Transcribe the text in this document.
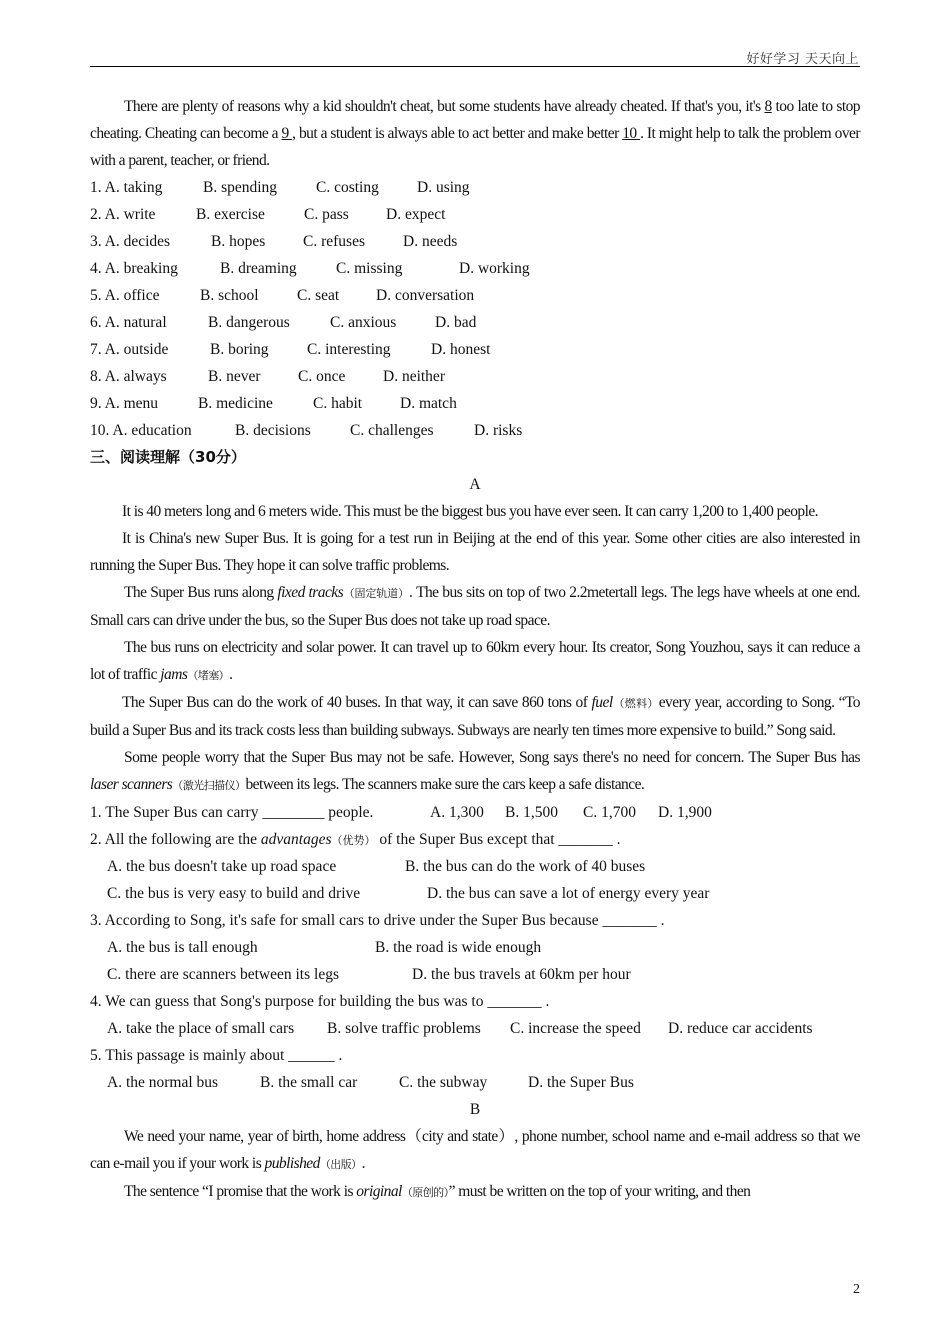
好好学习 天天向上
There are plenty of reasons why a kid shouldn't cheat, but some students have already cheated. If that's you, it's 8 too late to stop cheating. Cheating can become a 9 , but a student is always able to act better and make better 10 . It might help to talk the problem over with a parent, teacher, or friend.
1. A. taking	B. spending	C. costing D. using
2. A. write	B. exercise	C. pass D. expect
3. A. decides	B. hopes C. refuses D. needs
4. A. breaking	B. dreaming	C. missing	D. working
5. A. office	B. school C. seat D. conversation
6. A. natural	B. dangerous	C. anxious D. bad
7. A. outside	B. boring C. interesting	D. honest
8. A. always	B. never C. once D. neither
9. A. menu	B. medicine	C. habit D. match
10. A. education	B. decisions	C. challenges	D. risks
三、阅读理解（30分）
A
It is 40 meters long and 6 meters wide. This must be the biggest bus you have ever seen. It can carry 1,200 to 1,400 people.
It is China's new Super Bus. It is going for a test run in Beijing at the end of this year. Some other cities are also interested in running the Super Bus. They hope it can solve traffic problems.
The Super Bus runs along fixed tracks（固定轨道）. The bus sits on top of two 2.2metertall legs. The legs have wheels at one end. Small cars can drive under the bus, so the Super Bus does not take up road space.
The bus runs on electricity and solar power. It can travel up to 60km every hour. Its creator, Song Youzhou, says it can reduce a lot of traffic jams（堵塞）.
The Super Bus can do the work of 40 buses. In that way, it can save 860 tons of fuel（燃料）every year, according to Song. “To build a Super Bus and its track costs less than building subways. Subways are nearly ten times more expensive to build.” Song said.
Some people worry that the Super Bus may not be safe. However, Song says there's no need for concern. The Super Bus has laser scanners（激光扫描仪）between its legs. The scanners make sure the cars keep a safe distance.
1. The Super Bus can carry ________ people.	A. 1,300 B. 1,500 C. 1,700 D. 1,900
2. All the following are the advantages（优势） of the Super Bus except that _______ .
A. the bus doesn't take up road space	B. the bus can do the work of 40 buses
C. the bus is very easy to build and drive	D. the bus can save a lot of energy every year
3. According to Song, it's safe for small cars to drive under the Super Bus because _______ .
A. the bus is tall enough	B. the road is wide enough
C. there are scanners between its legs	D. the bus travels at 60km per hour
4. We can guess that Song's purpose for building the bus was to _______ .
A. take the place of small cars B. solve traffic problems C. increase the speed D. reduce car accidents
5. This passage is mainly about ______ .
A. the normal bus	B. the small car	C. the subway	D. the Super Bus
B
We need your name, year of birth, home address（city and state）, phone number, school name and e-mail address so that we can e-mail you if your work is published（出版）.
The sentence “I promise that the work is original（原创的）” must be written on the top of your writing, and then
2
